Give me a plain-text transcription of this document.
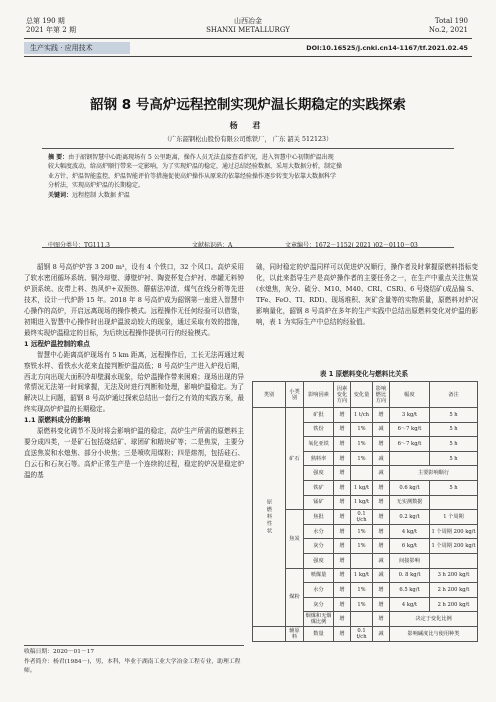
总第 190 期
2021 年第 2 期
山西冶金
SHANXI METALLURGY
Total 190
No.2, 2021
生产实践 · 应用技术	DOI:10.16525/j.cnki.cn14-1167/tf.2021.02.45
韶钢 8 号高炉远程控制实现炉温长期稳定的实践探索
杨 君
（广东韶钢松山股份有限公司炼铁厂， 广东 韶关 512123）
摘 要：由于韶钢智慧中心距离现场有 5 公里距离，操作人员无法直接查看炉况，进入智慧中心初期炉温出现
较大幅度波动，给高炉顺行带来一定影响，为了实现炉温的稳定，通过总结经验数据、采用大数据分析，制定操
业方针、炉温智能监控，炉温智能评价等措施促使高炉操作从原来的依靠经验操作逐步转变为依靠大数据科学
分析法，实现高炉炉温的长期稳定。
关键词：远程控制 大数据 炉温
中图分类号：TG111.3	文献标识码：A	文章编号：1672－1152( 2021 )02－0110－03

韶钢 8 号高炉炉容 3 200 m³，设有 4 个铁口，32 个风口。高炉采用了软水密闭循环系统、铜冷却壁、薄壁炉衬、陶瓷杯复合炉衬、串罐无料钟炉顶系统、皮带上料、热风炉+双预热、蘑菇法冲渣、煤气在线分析等先进技术，设计一代炉龄 15 年。2018 年 8 号高炉成为韶钢第一座进入智慧中心操作的高炉，开启远离现场的操作模式。远程操作无任何经验可以借鉴，初期进入智慧中心操作时出现炉温波动较大的现象，通过采取有效的措施，最终实现炉温稳定的目标，为后续远程操作提供可行的经验模式。

1 远程炉温控制的难点

智慧中心距离高炉现场有 5 km 距离，远程操作后，工长无法再通过观察铁水样、看铁水火花来直接判断炉温高低；8 号高炉生产进入炉役后期，西北方向出现大面积冷却壁漏水现象，给炉温操作带来困难；现场出现的异常情况无法第一时间掌握，无法及时进行判断和处理，影响炉温稳定。为了解决以上问题，韶钢 8 号高炉通过探索总结出一套行之有效的实践方案，最终实现高炉炉温的长期稳定。

1.1 原燃料成分的影响

原燃料变化调节不及时将会影响炉温的稳定，高炉生产所需的原燃料主要分成四类，一是矿石包括烧结矿、球团矿和精块矿等；二是焦炭，主要分直送焦炭和水熄焦、部分小块焦；三是喷吹用煤粉；四是熔剂，包括硅石、白云石和石灰石等。高炉正常生产是一个连续的过程，稳定的炉况是稳定炉温的基

础，同时稳定的炉温同样可以促进炉况顺行，操作者及时掌握原燃料指标变化，以此来指导生产是高炉操作者的主要任务之一，在生产中重点关注焦炭(水熄焦，灰分、硫分、M10、M40、CRI、CSR)、6 号烧结矿(成品偏 S、TFe、FeO、TI、RDI)、现场堆积、灰矿含量等的实物质量，原燃料对炉况影响量化，韶钢 8 号高炉在多年的生产实践中总结出原燃料变化对炉温的影响，表 1 为实际生产中总结的经验值。

表 1 原燃料变化与燃料比关系
类别	小类别	影响因素	因素变化方向	变化量	影响燃比方向	幅度	备注
原燃料性状	矿石	矿批	增	1 t/ch	增	3 kg/t	5 h
		铁份	增	1%	减	6～7 kg/t	5 h
		氧化亚铁	增	1%	增	6～7 kg/t	5 h
		熟料率	增	1%	减		5 h
		强度	增		减	主要影响顺行	
		铁矿	增	1 kg/t	增	0.6 kg/t	5 h
		锰矿	增	1 kg/t	增	无实测数据	
	焦炭	焦批	增	0.1 t/ch	增	0.2 kg/t	1 个周期
		水分	增	1%	增	4 kg/t	1 个周期 200 kg/t
		灰分	增	1%	增	6 kg/t	1 个周期 200 kg/t
		强度	增		减	间接影响	
	煤粉	喷煤量	增	1 kg/t	减	0. 8 kg/t	3 h 200 kg/t
		水分	增	1%	增	6.5 kg/t	2 h 200 kg/t
		灰分	增	1%	增	4 kg/t	2 h 200 kg/t
		烟煤和无烟煤比例	增		增	决定于变化比例	
	辅原料	数量	增	0.1 t/ch	减	影响碱度比与使用种类	
收稿日期：2020－01－17
作者简介：杨君(1984－)，男，本科，毕业于湖南工业大学冶金工程专业，助理工程师。
